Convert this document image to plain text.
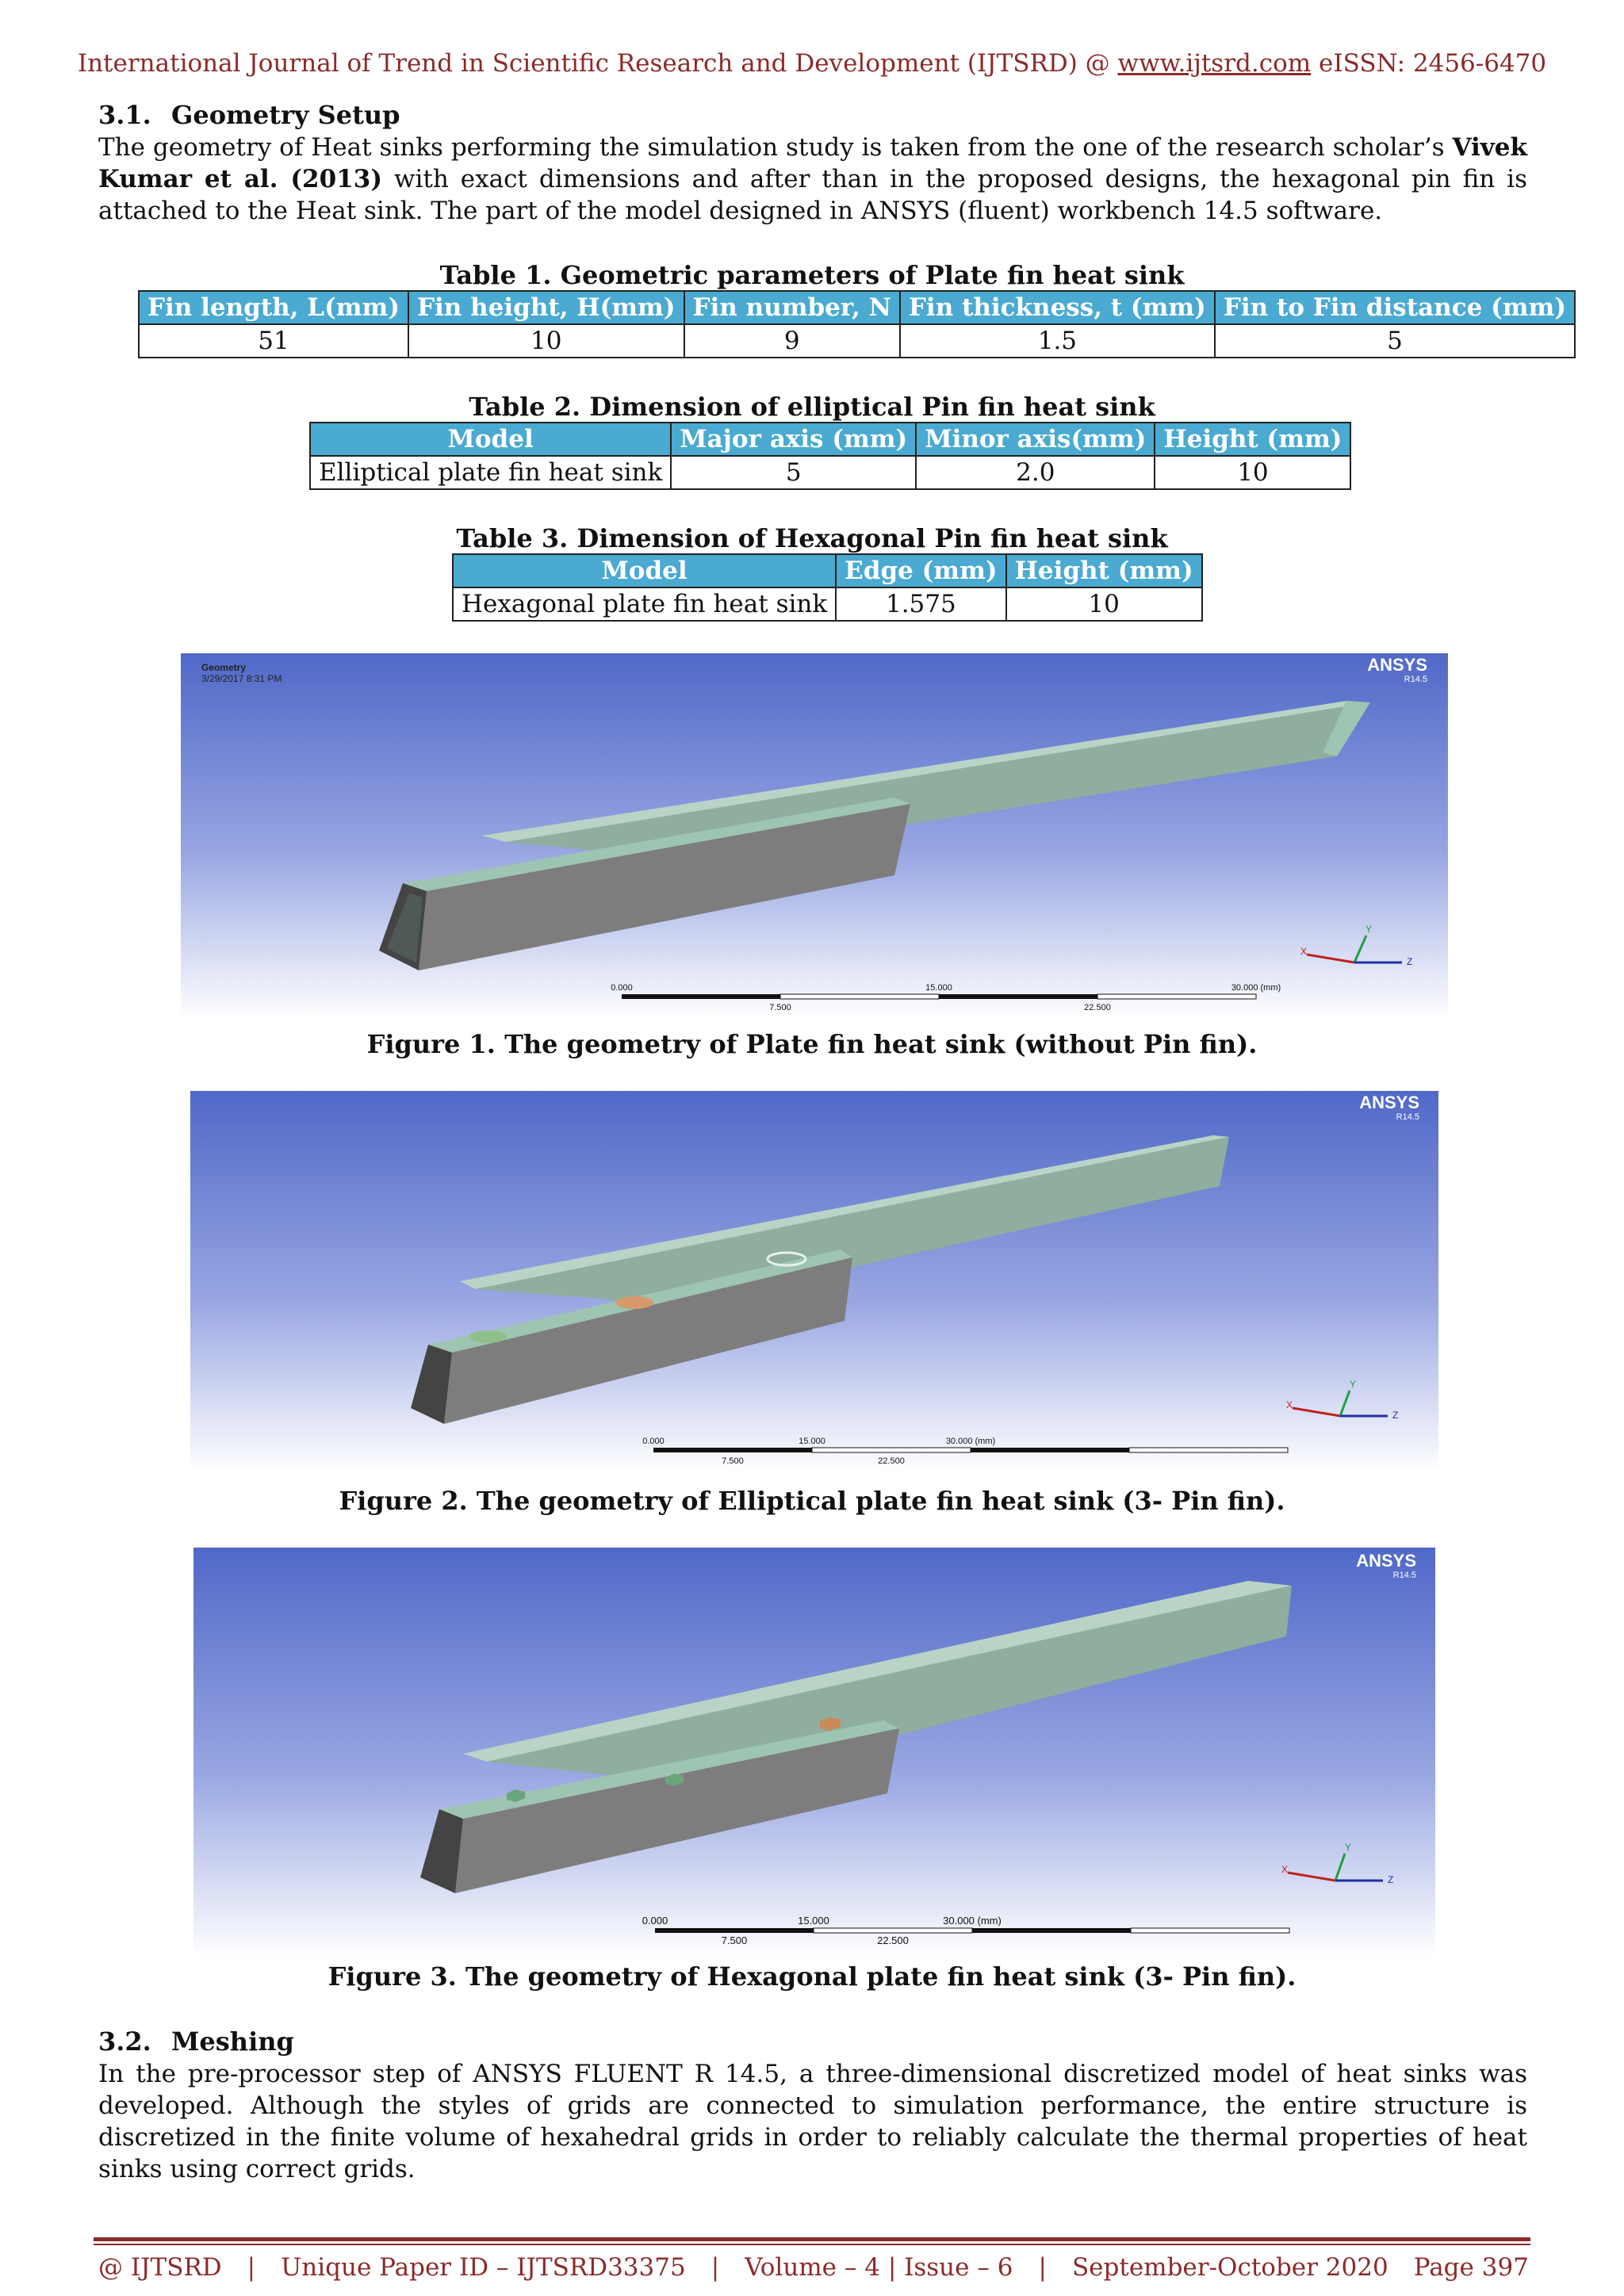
International Journal of Trend in Scientific Research and Development (IJTSRD) @ www.ijtsrd.com eISSN: 2456-6470
3.1. Geometry Setup
The geometry of Heat sinks performing the simulation study is taken from the one of the research scholar’s Vivek Kumar et al. (2013) with exact dimensions and after than in the proposed designs, the hexagonal pin fin is attached to the Heat sink. The part of the model designed in ANSYS (fluent) workbench 14.5 software.
Table 1. Geometric parameters of Plate fin heat sink
Fin length, L(mm)	Fin height, H(mm)	Fin number, N	Fin thickness, t (mm)	Fin to Fin distance (mm)
51	10	9	1.5	5
Table 2. Dimension of elliptical Pin fin heat sink
Model	Major axis (mm)	Minor axis(mm)	Height (mm)
Elliptical plate fin heat sink	5	2.0	10
Table 3. Dimension of Hexagonal Pin fin heat sink
Model	Edge (mm)	Height (mm)
Hexagonal plate fin heat sink	1.575	10
Geometry
3/29/2017 8:31 PM
ANSYS
R14.5
0.000	15.000	30.000 (mm)
7.500	22.500
X
Y
Z
Figure 1. The geometry of Plate fin heat sink (without Pin fin).
ANSYS
R14.5
0.000	15.000	30.000 (mm)
7.500	22.500
X
Y
Z
Figure 2. The geometry of Elliptical plate fin heat sink (3- Pin fin).
ANSYS
R14.5
0.000	15.000	30.000 (mm)
7.500	22.500
X
Y
Z
Figure 3. The geometry of Hexagonal plate fin heat sink (3- Pin fin).
3.2. Meshing
In the pre-processor step of ANSYS FLUENT R 14.5, a three-dimensional discretized model of heat sinks was developed. Although the styles of grids are connected to simulation performance, the entire structure is discretized in the finite volume of hexahedral grids in order to reliably calculate the thermal properties of heat sinks using correct grids.
@ IJTSRD | Unique Paper ID – IJTSRD33375 | Volume – 4 | Issue – 6 | September-October 2020 Page 397
